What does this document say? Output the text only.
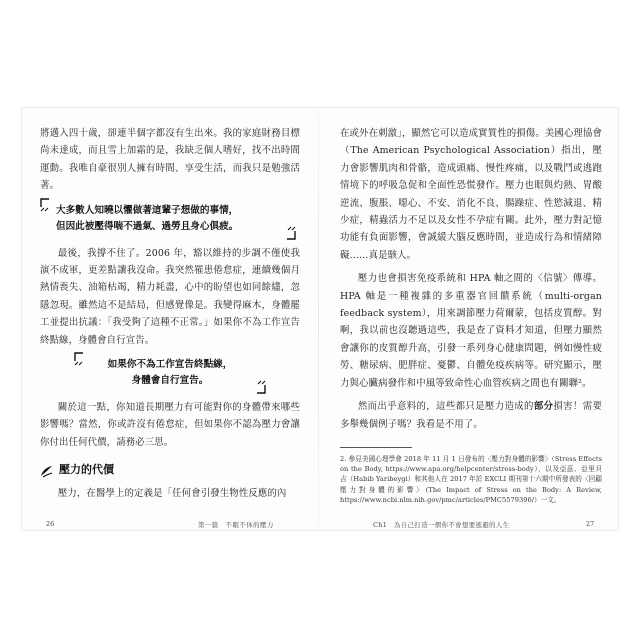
將邁入四十歲，卻連半個字都沒有生出來。我的家庭財務目標尚未達成，而且雪上加霜的是，我缺乏個人嗜好，找不出時間運動。我唯自豪很別人擁有時間、享受生活，而我只是勉強活著。

大多數人知曉以懼做著這輩子想做的事情，
但因此被壓得喘不過氣、過勞且身心俱疲。

最後，我撐不住了。2006 年，豁以維持的步調不僅使我演不成軍，更差點讓我沒命。我突然罹患倦怠症，連續幾個月熱情喪失、油箱枯竭，精力耗盡，心中的盼望也如同餘燼，忽隱忽現。雖然這不是結局，但感覺像是。我變得麻木，身體罷工並提出抗議：「我受夠了這種不正常。」如果你不為工作宣告終點線，身體會自行宣告。

如果你不為工作宣告終點線，
身體會自行宣告。

關於這一點，你知道長期壓力有可能對你的身體帶來哪些影響嗎？當然，你或許沒有倦怠症，但如果你不認為壓力會讓你付出任何代價，請務必三思。

壓力的代價

壓力，在醫學上的定義是「任何會引發生物性反應的內

在或外在刺激」，顯然它可以造成實質性的損傷。美國心理協會（The American Psychological Association）指出，壓力會影響肌肉和骨骼，造成頭痛、慢性疼痛，以及戰鬥或逃跑情境下的呼吸急促和全面性恐慌發作。壓力也眼與灼熱、胃酸逆流、腹脹、噁心、不安、消化不良、腸躁症、性慾減退、精少症，精蟲活力不足以及女性不孕症有關。此外，壓力對記憶功能有負面影響，會誠緩大腦反應時間，並造成行為和情緒障礙……真是駭人。

壓力也會損害免疫系統和 HPA 軸之間的〈信號〉傳導。HPA 軸是一種複雜的多重器官回饋系統（multi-organ feedback system），用來調節壓力荷爾蒙，包括皮質醇。對啊，我以前也沒聽過這些，我是查了資料才知道，但壓力顯然會讓你的皮質醇升高，引發一系列身心健康問題，例如慢性疲勞、糖尿病、肥胖症、憂鬱、自體免疫疾病等。研究顯示，壓力與心臟病發作和中風等致命性心血管疾病之間也有關聯²。

然而出乎意料的，這些都只是壓力造成的部分損害！需要多舉幾個例子嗎？我看是不用了。

2. 參見美國心理學會 2018 年 11 月 1 日發布的〈壓力對身體的影響〉（Stress Effects on the Body, https://www.apa.org/helpcenter/stress-body），以及亞茲、亞里貝吉（Habib Yaribeygi）和其他人在 2017 年於 EXCLI 期刊第十六期中所發表的〈回顧壓力對身體的影響〉(The Impact of Stress on the Body: A Review, https://www.ncbi.nlm.nih.gov/pmc/articles/PMC5579396/）一文。
26	第一篇　不眠不休的壓力	Ch1　為自己打造一個你不會想要逃避的人生	27
